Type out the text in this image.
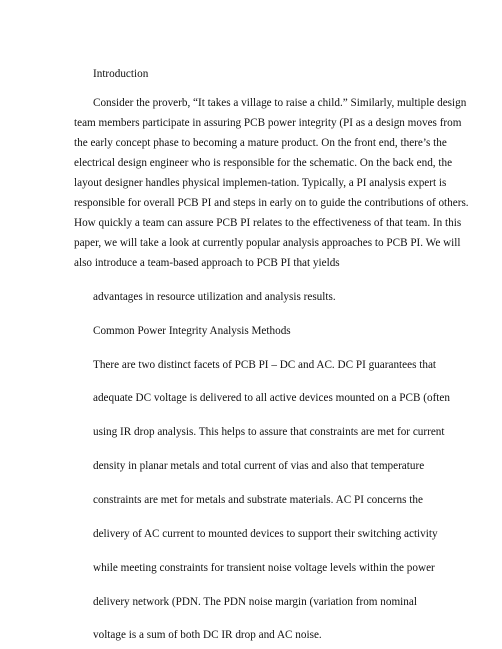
Introduction
Consider the proverb, “It takes a village to raise a child.” Similarly, multiple design
team members participate in assuring PCB power integrity (PI as a design moves from
the early concept phase to becoming a mature product. On the front end, there’s the
electrical design engineer who is responsible for the schematic. On the back end, the
layout designer handles physical implemen-tation. Typically, a PI analysis expert is
responsible for overall PCB PI and steps in early on to guide the contributions of others.
How quickly a team can assure PCB PI relates to the effectiveness of that team. In this
paper, we will take a look at currently popular analysis approaches to PCB PI. We will
also introduce a team-based approach to PCB PI that yields
advantages in resource utilization and analysis results.
Common Power Integrity Analysis Methods
There are two distinct facets of PCB PI – DC and AC. DC PI guarantees that
adequate DC voltage is delivered to all active devices mounted on a PCB (often
using IR drop analysis. This helps to assure that constraints are met for current
density in planar metals and total current of vias and also that temperature
constraints are met for metals and substrate materials. AC PI concerns the
delivery of AC current to mounted devices to support their switching activity
while meeting constraints for transient noise voltage levels within the power
delivery network (PDN. The PDN noise margin (variation from nominal
voltage is a sum of both DC IR drop and AC noise.
